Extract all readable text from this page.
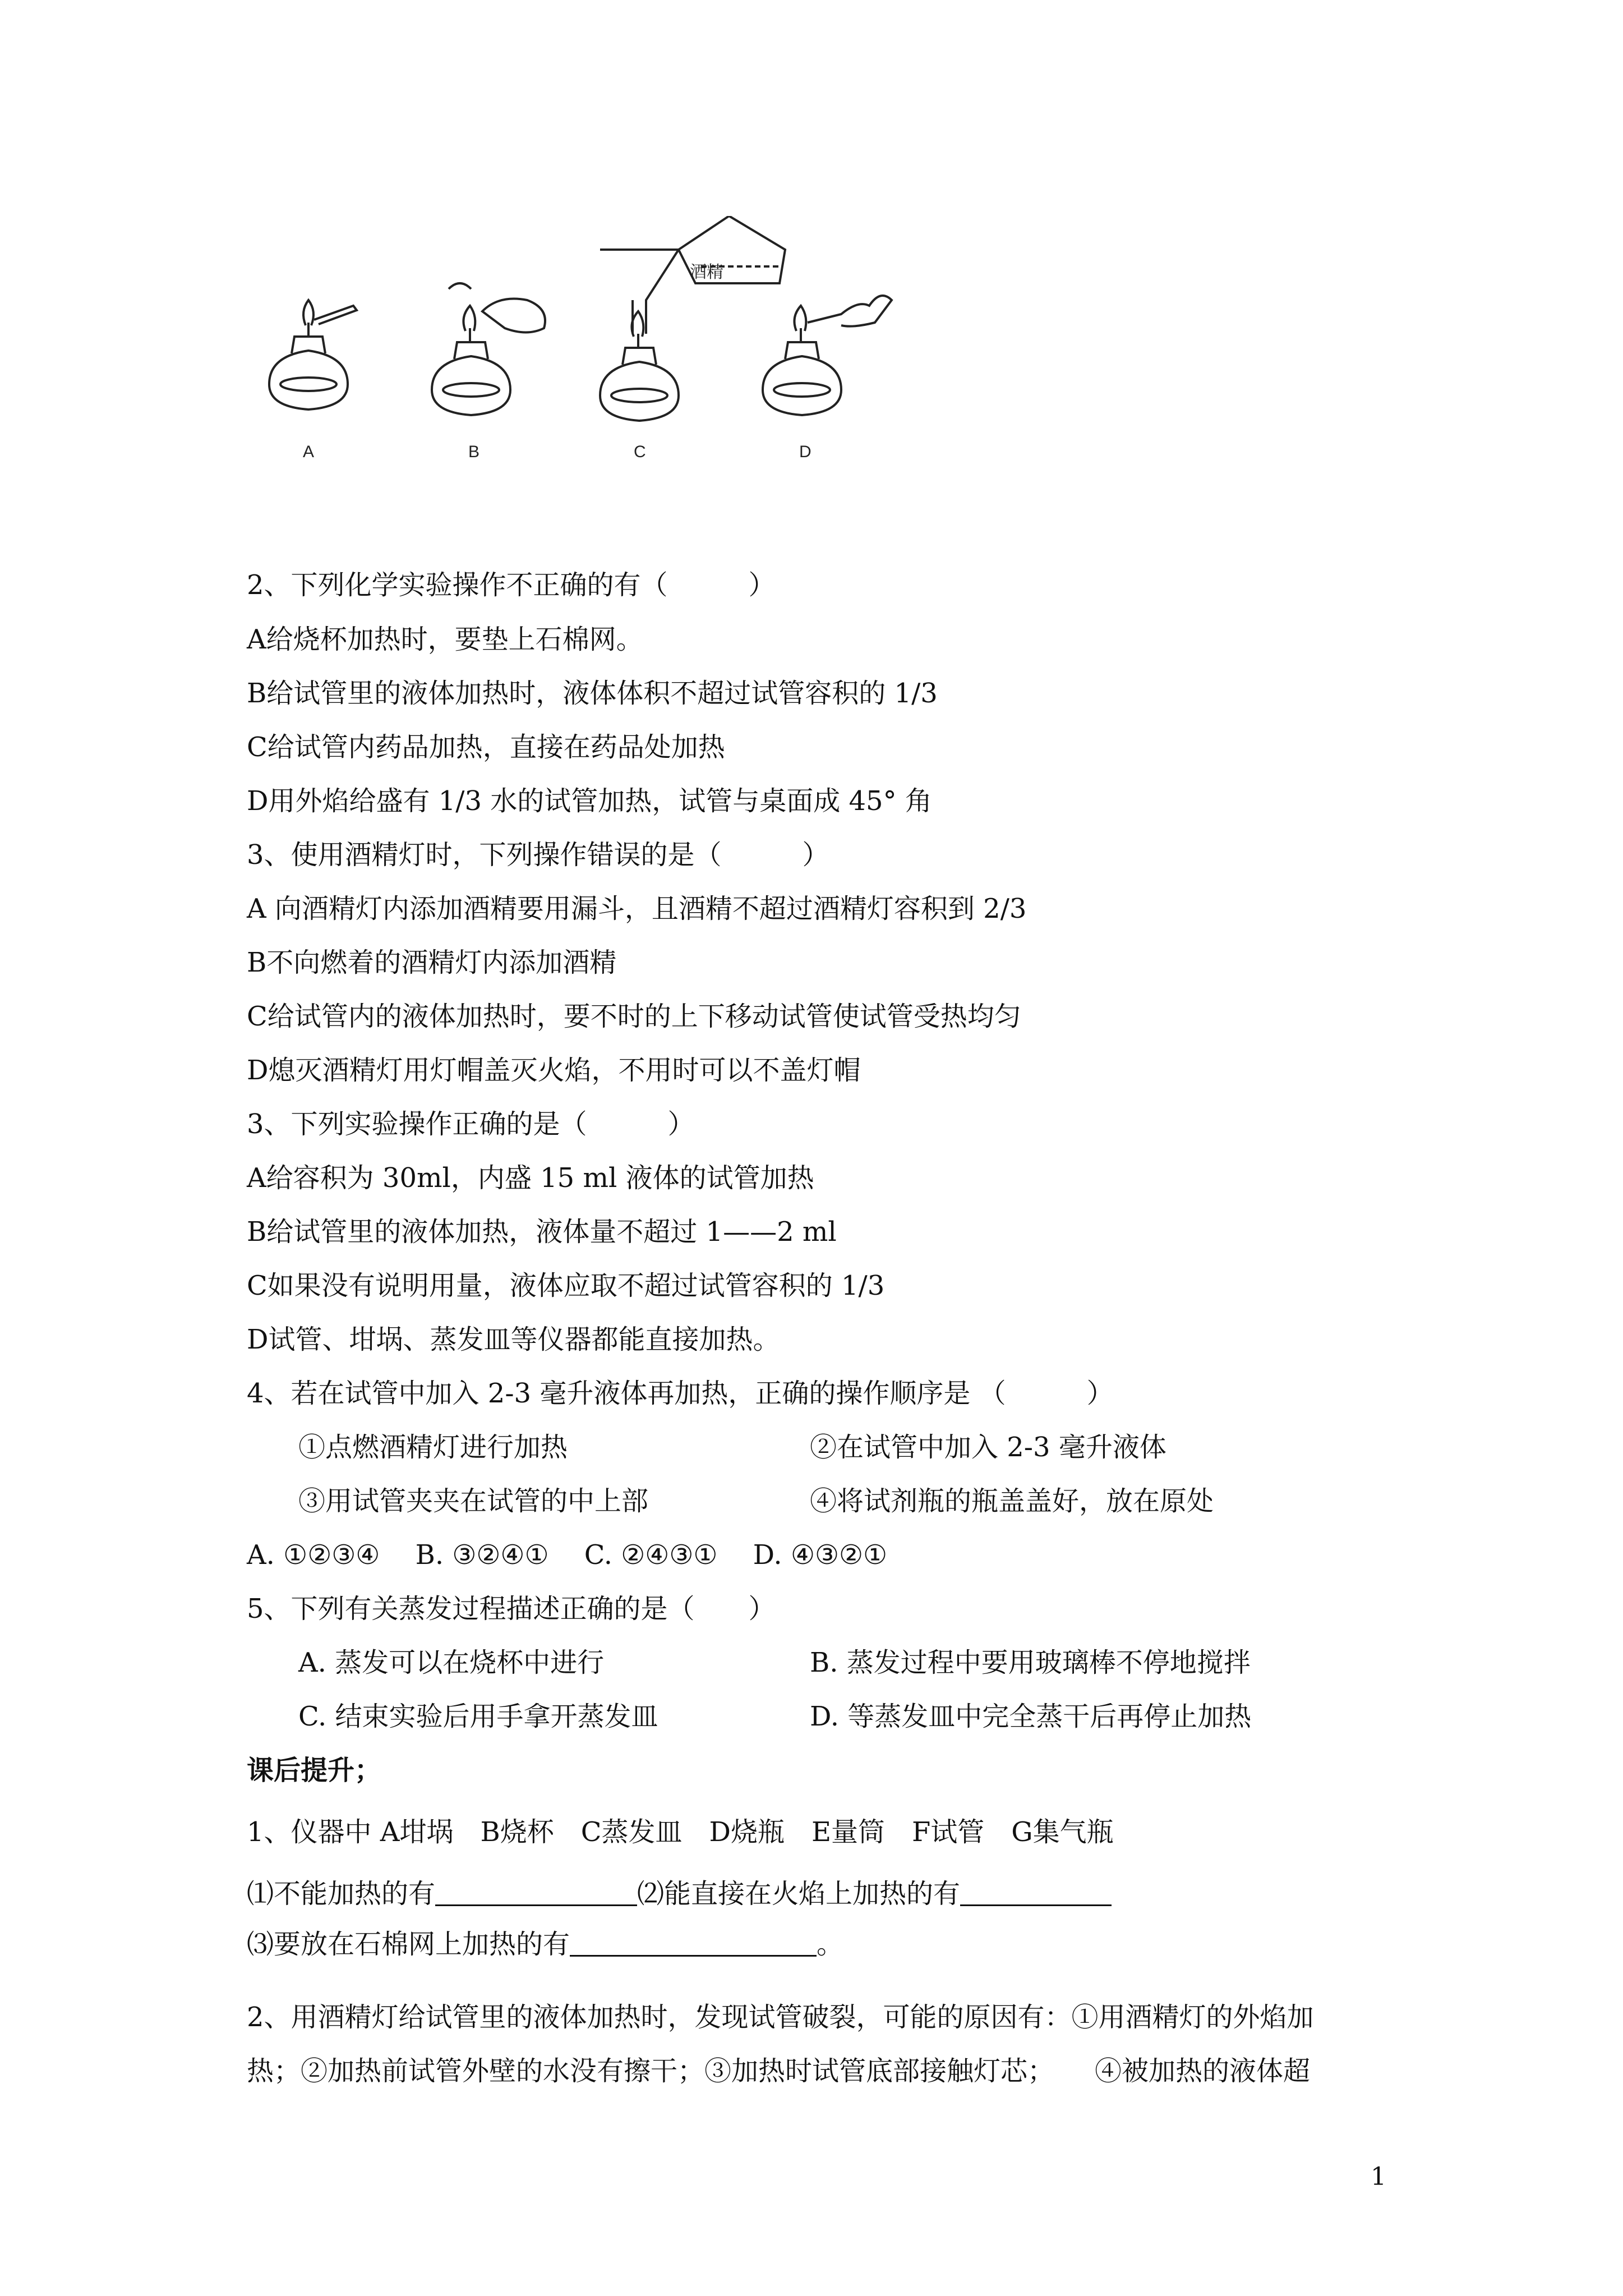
酒精
A	B	C	D
2、下列化学实验操作不正确的有（　　　）
A给烧杯加热时，要垫上石棉网。
B给试管里的液体加热时，液体体积不超过试管容积的 1/3
C给试管内药品加热，直接在药品处加热
D用外焰给盛有 1/3 水的试管加热，试管与桌面成 45° 角
3、使用酒精灯时，下列操作错误的是（　　　）
A 向酒精灯内添加酒精要用漏斗，且酒精不超过酒精灯容积到 2/3
B不向燃着的酒精灯内添加酒精
C给试管内的液体加热时，要不时的上下移动试管使试管受热均匀
D熄灭酒精灯用灯帽盖灭火焰，不用时可以不盖灯帽
3、下列实验操作正确的是（　　　）
A给容积为 30ml，内盛 15 ml 液体的试管加热
B给试管里的液体加热，液体量不超过 1——2 ml
C如果没有说明用量，液体应取不超过试管容积的 1/3
D试管、坩埚、蒸发皿等仪器都能直接加热。
4、若在试管中加入 2-3 毫升液体再加热，正确的操作顺序是 （　　　）
①点燃酒精灯进行加热	②在试管中加入 2-3 毫升液体
③用试管夹夹在试管的中上部	④将试剂瓶的瓶盖盖好，放在原处
A. ①②③④　 B. ③②④①　 C. ②④③①　 D. ④③②①
5、下列有关蒸发过程描述正确的是（　　）
A. 蒸发可以在烧杯中进行	B. 蒸发过程中要用玻璃棒不停地搅拌
C. 结束实验后用手拿开蒸发皿	D. 等蒸发皿中完全蒸干后再停止加热
课后提升；
1、仪器中 A坩埚　B烧杯　C蒸发皿　D烧瓶　E量筒　F试管　G集气瓶
⑴不能加热的有	⑵能直接在火焰上加热的有
⑶要放在石棉网上加热的有	。
2、用酒精灯给试管里的液体加热时，发现试管破裂，可能的原因有：①用酒精灯的外焰加
热；②加热前试管外壁的水没有擦干；③加热时试管底部接触灯芯；　　④被加热的液体超
1
